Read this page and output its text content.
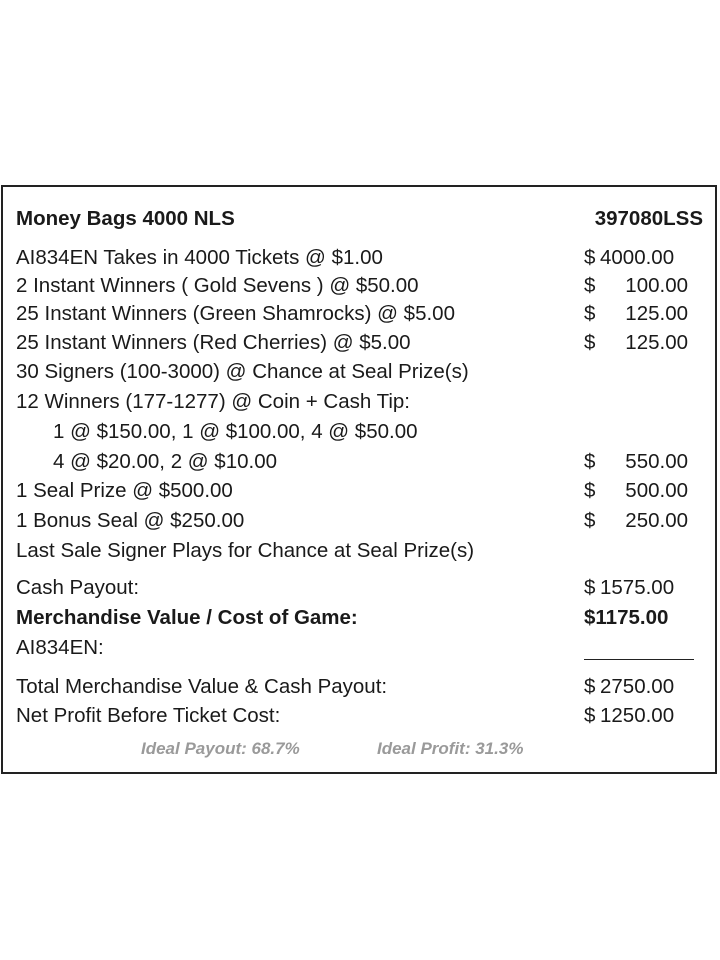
Money Bags 4000 NLS	397080LSS
AI834EN Takes in 4000 Tickets @ $1.00	$ 4000.00
2 Instant Winners ( Gold Sevens ) @ $50.00	$ 100.00
25 Instant Winners (Green Shamrocks) @ $5.00	$ 125.00
25 Instant Winners (Red Cherries) @ $5.00	$ 125.00
30 Signers (100-3000) @ Chance at Seal Prize(s)
12 Winners (177-1277) @ Coin + Cash Tip:
1 @ $150.00, 1 @ $100.00, 4 @ $50.00
4 @ $20.00, 2 @ $10.00	$ 550.00
1 Seal Prize @ $500.00	$ 500.00
1 Bonus Seal @ $250.00	$ 250.00
Last Sale Signer Plays for Chance at Seal Prize(s)
Cash Payout:	$ 1575.00
Merchandise Value / Cost of Game:	$1175.00
AI834EN:
Total Merchandise Value & Cash Payout:	$ 2750.00
Net Profit Before Ticket Cost:	$ 1250.00
Ideal Payout: 68.7%	Ideal Profit: 31.3%
